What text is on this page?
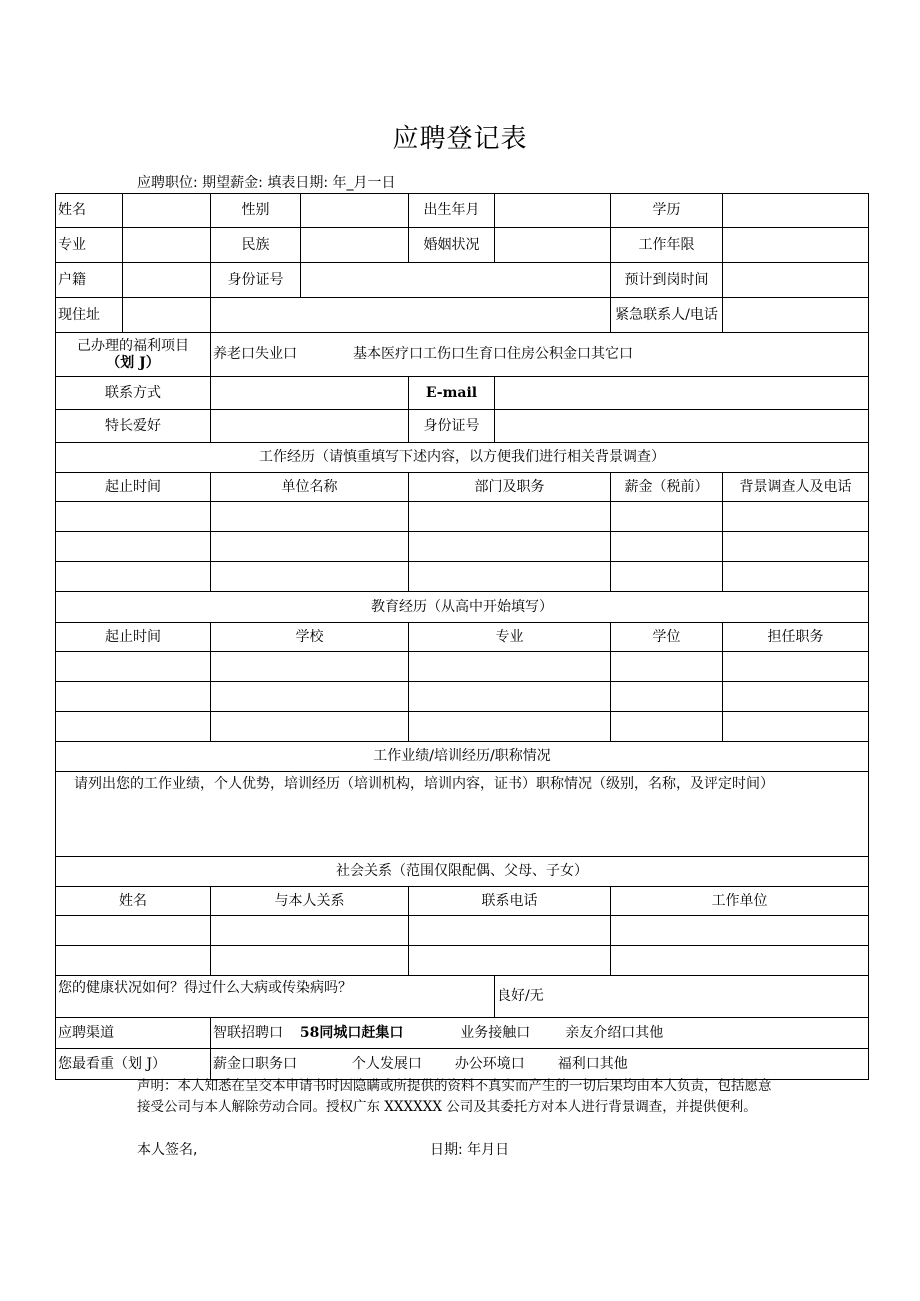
应聘登记表
应聘职位: 期望薪金: 填表日期: 年_月一日
姓名	性别		出生年月		学历	

专业	民族		婚姻状况		工作年限	

户籍	身份证号				预计到岗时间	

现住址					紧急联系人/电话	

己办理的福利项目
（划 J）	养老口失业口 基本医疗口工伤口生育口住房公积金口其它口					
联系方式			E-mail			
特长爱好			身份证号			
工作经历（请慎重填写下述内容，以方便我们进行相关背景调查）						
起止时间	单位名称		部门及职务		薪金（税前）	背景调查人及电话

教育经历（从高中开始填写）						
起止时间	学校		专业		学位	担任职务

工作业绩/培训经历/职称情况						
请列出您的工作业绩，个人优势，培训经历（培训机构，培训内容，证书）职称情况（级别，名称，及评定时间）						
社会关系（范围仅限配偶、父母、子女）						
姓名	与本人关系		联系电话		工作单位	

您的健康状况如何？得过什么大病或传染病吗？				良好/无		
应聘渠道	智联招聘口 58同城口赶集口 业务接触口 亲友介绍口其他					
您最看重（划 J）	薪金口职务口 个人发展口 办公环境口 福利口其他					
声明：本人知悉在呈交本申请书时因隐瞒或所提供的资料不真实而产生的一切后果均由本人负责，包括愿意
接受公司与本人解除劳动合同。授权广东 XXXXXX 公司及其委托方对本人进行背景调查，并提供便利。
本人签名,	日期: 年月日
